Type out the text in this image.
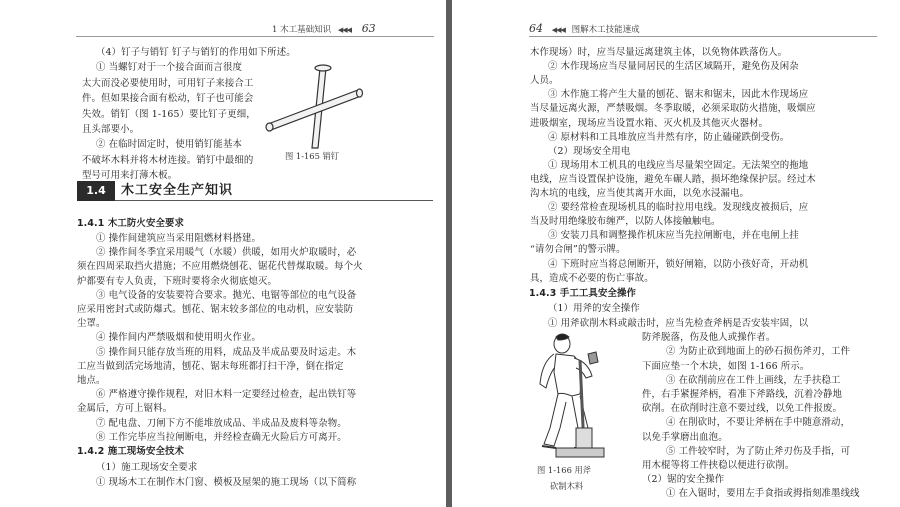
1 木工基础知识 ◀◀◀ 63
（4）钉子与销钉 钉子与销钉的作用如下所述。
① 当螺钉对于一个接合面而言很度
太大而没必要使用时，可用钉子来接合工
件。但如果接合面有松动，钉子也可能会
失效。销钉（图 1-165）要比钉子更细，
且头部要小。
② 在临时固定时，使用销钉能基本
不破坏木料并将木材连接。销钉中最细的
型号可用来打薄木板。
图 1-165 销钉
1.4	木工安全生产知识
1.4.1 木工防火安全要求
① 操作间建筑应当采用阻燃材料搭建。
② 操作间冬季宜采用暖气（水暖）供暖，如用火炉取暖时，必
须在四周采取挡火措施；不应用燃烧刨花、锯花代替煤取暖。每个火
炉都要有专人负责，下班时要将余火彻底熄灭。
③ 电气设备的安装要符合要求。抛光、电锯等部位的电气设备
应采用密封式或防爆式。刨花、锯末较多部位的电动机，应安装防
尘罩。
④ 操作间内严禁吸烟和使用明火作业。
⑤ 操作间只能存放当班的用料，成品及半成品要及时运走。木
工应当做到活完场地清，刨花、锯末每班都打扫干净，倒在指定
地点。
⑥ 严格遵守操作规程，对旧木料一定要经过检查，起出铁钉等
金属后，方可上锯料。
⑦ 配电盘、刀闸下方不能堆放成品、半成品及废料等杂物。
⑧ 工作完毕应当拉闸断电，并经检查确无火险后方可离开。
1.4.2 施工现场安全技术
（1）施工现场安全要求
① 现场木工在制作木门窗、模板及屋架的施工现场（以下简称
64 ◀◀◀ 图解木工技能速成
木作现场）时，应当尽量远离建筑主体，以免物体跌落伤人。
② 木作现场应当尽量同居民的生活区域隔开，避免伤及闲杂
人员。
③ 木作施工将产生大量的刨花、锯末和锯末，因此木作现场应
当尽量远离火源，严禁吸烟。冬季取暖，必须采取防火措施，吸烟应
进吸烟室，现场应当设置水箱、灭火机及其他灭火器材。
④ 原材料和工具堆放应当井然有序，防止磕碰跌倒受伤。
（2）现场安全用电
① 现场用木工机具的电线应当尽量架空固定。无法架空的拖地
电线，应当设置保护设施，避免车碾人踏，损坏绝缘保护层。经过木
沟木坑的电线，应当使其离开水面，以免水浸漏电。
② 要经常检查现场机具的临时拉用电线。发现线皮被损后，应
当及时用绝缘胶布缠严，以防人体接触触电。
③ 安装刀具和调整操作机床应当先拉闸断电，并在电闸上挂
“请勿合闸”的警示牌。
④ 下班时应当将总闸断开，锁好闸箱，以防小孩好奇，开动机
具，造成不必要的伤亡事故。
1.4.3 手工工具安全操作
（1）用斧的安全操作
① 用斧砍削木料或敲击时，应当先检查斧柄是否安装牢固，以
防斧脱落，伤及他人或操作者。
② 为防止砍到地面上的砂石损伤斧刃，工件
下面应垫一个木块，如图 1-166 所示。
③ 在砍削前应在工件上画线，左手扶稳工
件，右手紧握斧柄，看准下斧路线，沉着冷静地
砍削。在砍削时注意不要过线，以免工件报废。
④ 在削砍时，不要让斧柄在手中随意滑动，
以免手掌磨出血泡。
⑤ 工件较窄时，为了防止斧刃伤及手指，可
用木棍等将工件挟稳以便进行砍削。
（2）锯的安全操作
① 在入锯时，要用左手食指或拇指刻准墨线线
图 1-166 用斧
砍制木料
